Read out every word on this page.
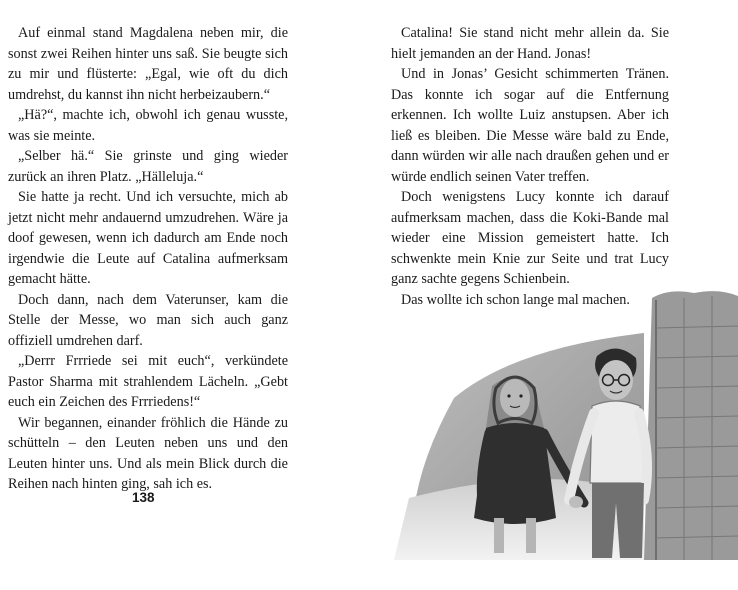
Auf einmal stand Magdalena neben mir, die sonst zwei Reihen hinter uns saß. Sie beugte sich zu mir und flüsterte: „Egal, wie oft du dich umdrehst, du kannst ihn nicht herbeizaubern.“

„Hä?“, machte ich, obwohl ich genau wusste, was sie meinte.

„Selber hä.“ Sie grinste und ging wieder zurück an ihren Platz. „Hälleluja.“

Sie hatte ja recht. Und ich versuchte, mich ab jetzt nicht mehr andauernd umzudrehen. Wäre ja doof gewesen, wenn ich dadurch am Ende noch irgendwie die Leute auf Catalina aufmerksam gemacht hätte.

Doch dann, nach dem Vaterunser, kam die Stelle der Messe, wo man sich auch ganz offiziell umdrehen darf.

„Derrr Frrriede sei mit euch“, verkündete Pastor Sharma mit strahlendem Lächeln. „Gebt euch ein Zeichen des Frrriedens!“

Wir begannen, einander fröhlich die Hände zu schütteln – den Leuten neben uns und den Leuten hinter uns. Und als mein Blick durch die Reihen nach hinten ging, sah ich es.

138

Catalina! Sie stand nicht mehr allein da. Sie hielt jemanden an der Hand. Jonas!

Und in Jonas’ Gesicht schimmerten Tränen. Das konnte ich sogar auf die Entfernung erkennen. Ich wollte Luiz anstupsen. Aber ich ließ es bleiben. Die Messe wäre bald zu Ende, dann würden wir alle nach draußen gehen und er würde endlich seinen Vater treffen.

Doch wenigstens Lucy konnte ich darauf aufmerksam machen, dass die Koki-Bande mal wieder eine Mission gemeistert hatte. Ich schwenkte mein Knie zur Seite und trat Lucy ganz sachte gegens Schienbein.

Das wollte ich schon lange mal machen.
